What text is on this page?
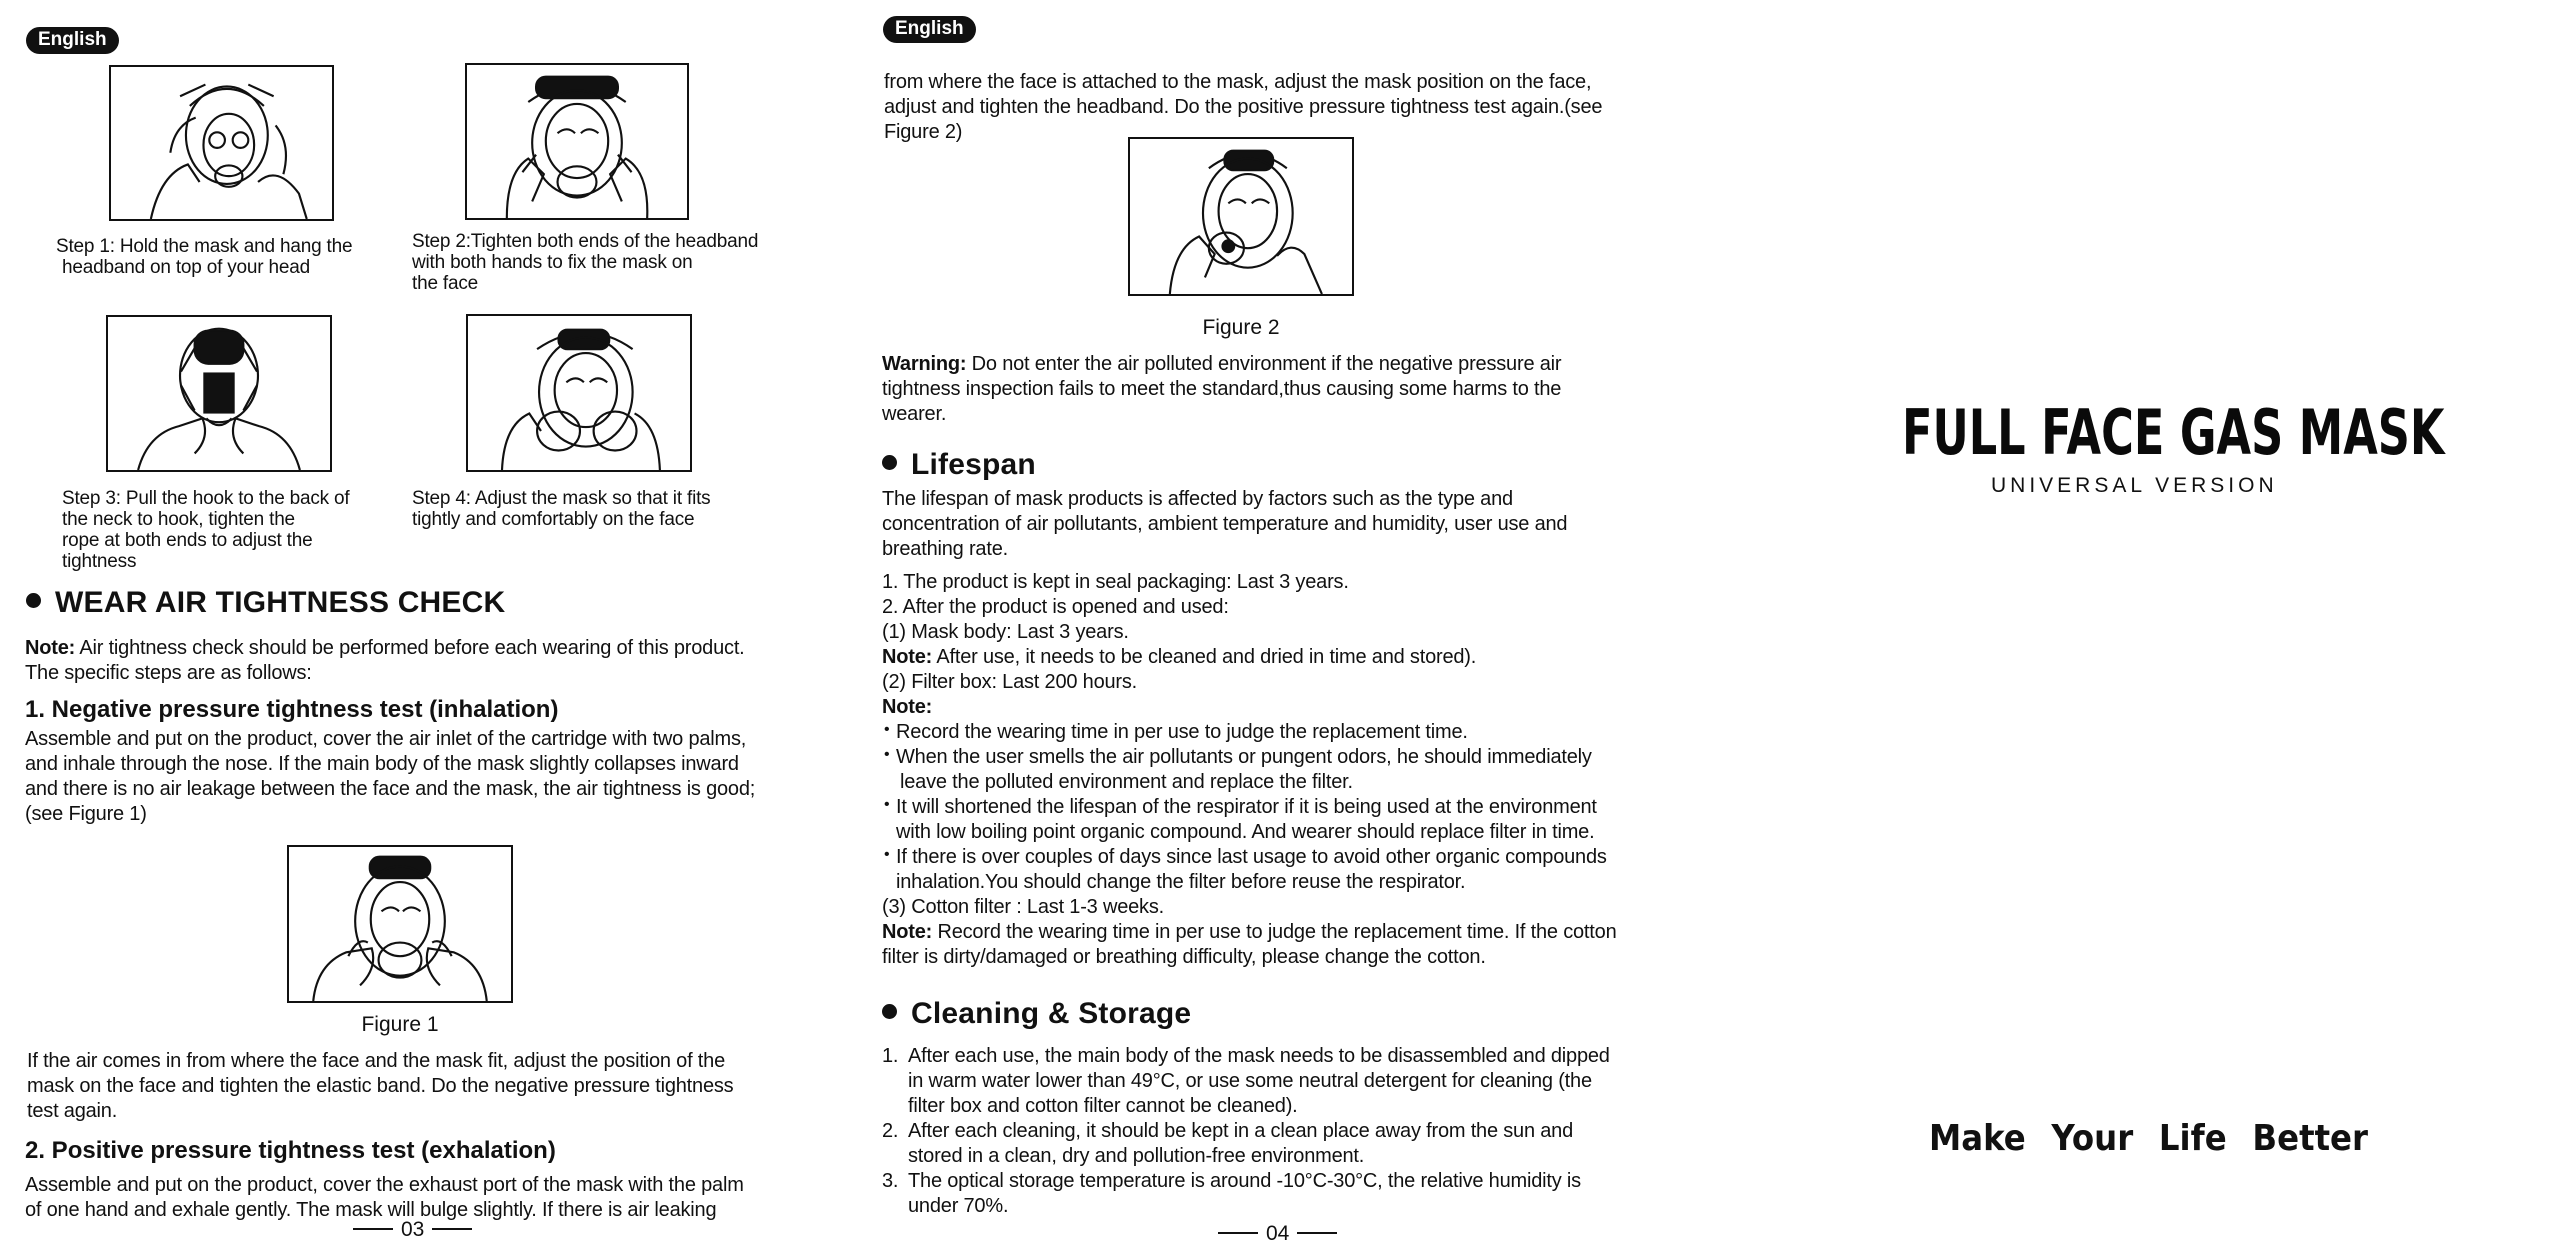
English
Step 1: Hold the mask and hang the
headband on top of your head
Step 2:Tighten both ends of the headband
with both hands to fix the mask on
the face
Step 3: Pull the hook to the back of
the neck to hook, tighten the
rope at both ends to adjust the
tightness
Step 4: Adjust the mask so that it fits
tightly and comfortably on the face
WEAR AIR TIGHTNESS CHECK
Note: Air tightness check should be performed before each wearing of this product.
The specific steps are as follows:
1. Negative pressure tightness test (inhalation)
Assemble and put on the product, cover the air inlet of the cartridge with two palms,
and inhale through the nose. If the main body of the mask slightly collapses inward
and there is no air leakage between the face and the mask, the air tightness is good;
(see Figure 1)
Figure 1
If the air comes in from where the face and the mask fit, adjust the position of the
mask on the face and tighten the elastic band. Do the negative pressure tightness
test again.
2. Positive pressure tightness test (exhalation)
Assemble and put on the product, cover the exhaust port of the mask with the palm
of one hand and exhale gently. The mask will bulge slightly. If there is air leaking
03
English
from where the face is attached to the mask, adjust the mask position on the face,
adjust and tighten the headband. Do the positive pressure tightness test again.(see
Figure 2)
Figure 2
Warning: Do not enter the air polluted environment if the negative pressure air
tightness inspection fails to meet the standard,thus causing some harms to the
wearer.
Lifespan
The lifespan of mask products is affected by factors such as the type and
concentration of air pollutants, ambient temperature and humidity, user use and
breathing rate.
1. The product is kept in seal packaging: Last 3 years.
2. After the product is opened and used:
(1) Mask body: Last 3 years.
Note: After use, it needs to be cleaned and dried in time and stored).
(2) Filter box: Last 200 hours.
Note:
• Record the wearing time in per use to judge the replacement time.
• When the user smells the air pollutants or pungent odors, he should immediately
leave the polluted environment and replace the filter.
• It will shortened the lifespan of the respirator if it is being used at the environment
with low boiling point organic compound. And wearer should replace filter in time.
• If there is over couples of days since last usage to avoid other organic compounds
inhalation.You should change the filter before reuse the respirator.
(3) Cotton filter : Last 1-3 weeks.
Note: Record the wearing time in per use to judge the replacement time. If the cotton
filter is dirty/damaged or breathing difficulty, please change the cotton.
Cleaning & Storage
1. After each use, the main body of the mask needs to be disassembled and dipped
in warm water lower than 49°C, or use some neutral detergent for cleaning (the
filter box and cotton filter cannot be cleaned).
2. After each cleaning, it should be kept in a clean place away from the sun and
stored in a clean, dry and pollution-free environment.
3. The optical storage temperature is around -10°C-30°C, the relative humidity is
under 70%.
04
FULL FACE GAS MASK
UNIVERSAL VERSION
Make Your Life Better
